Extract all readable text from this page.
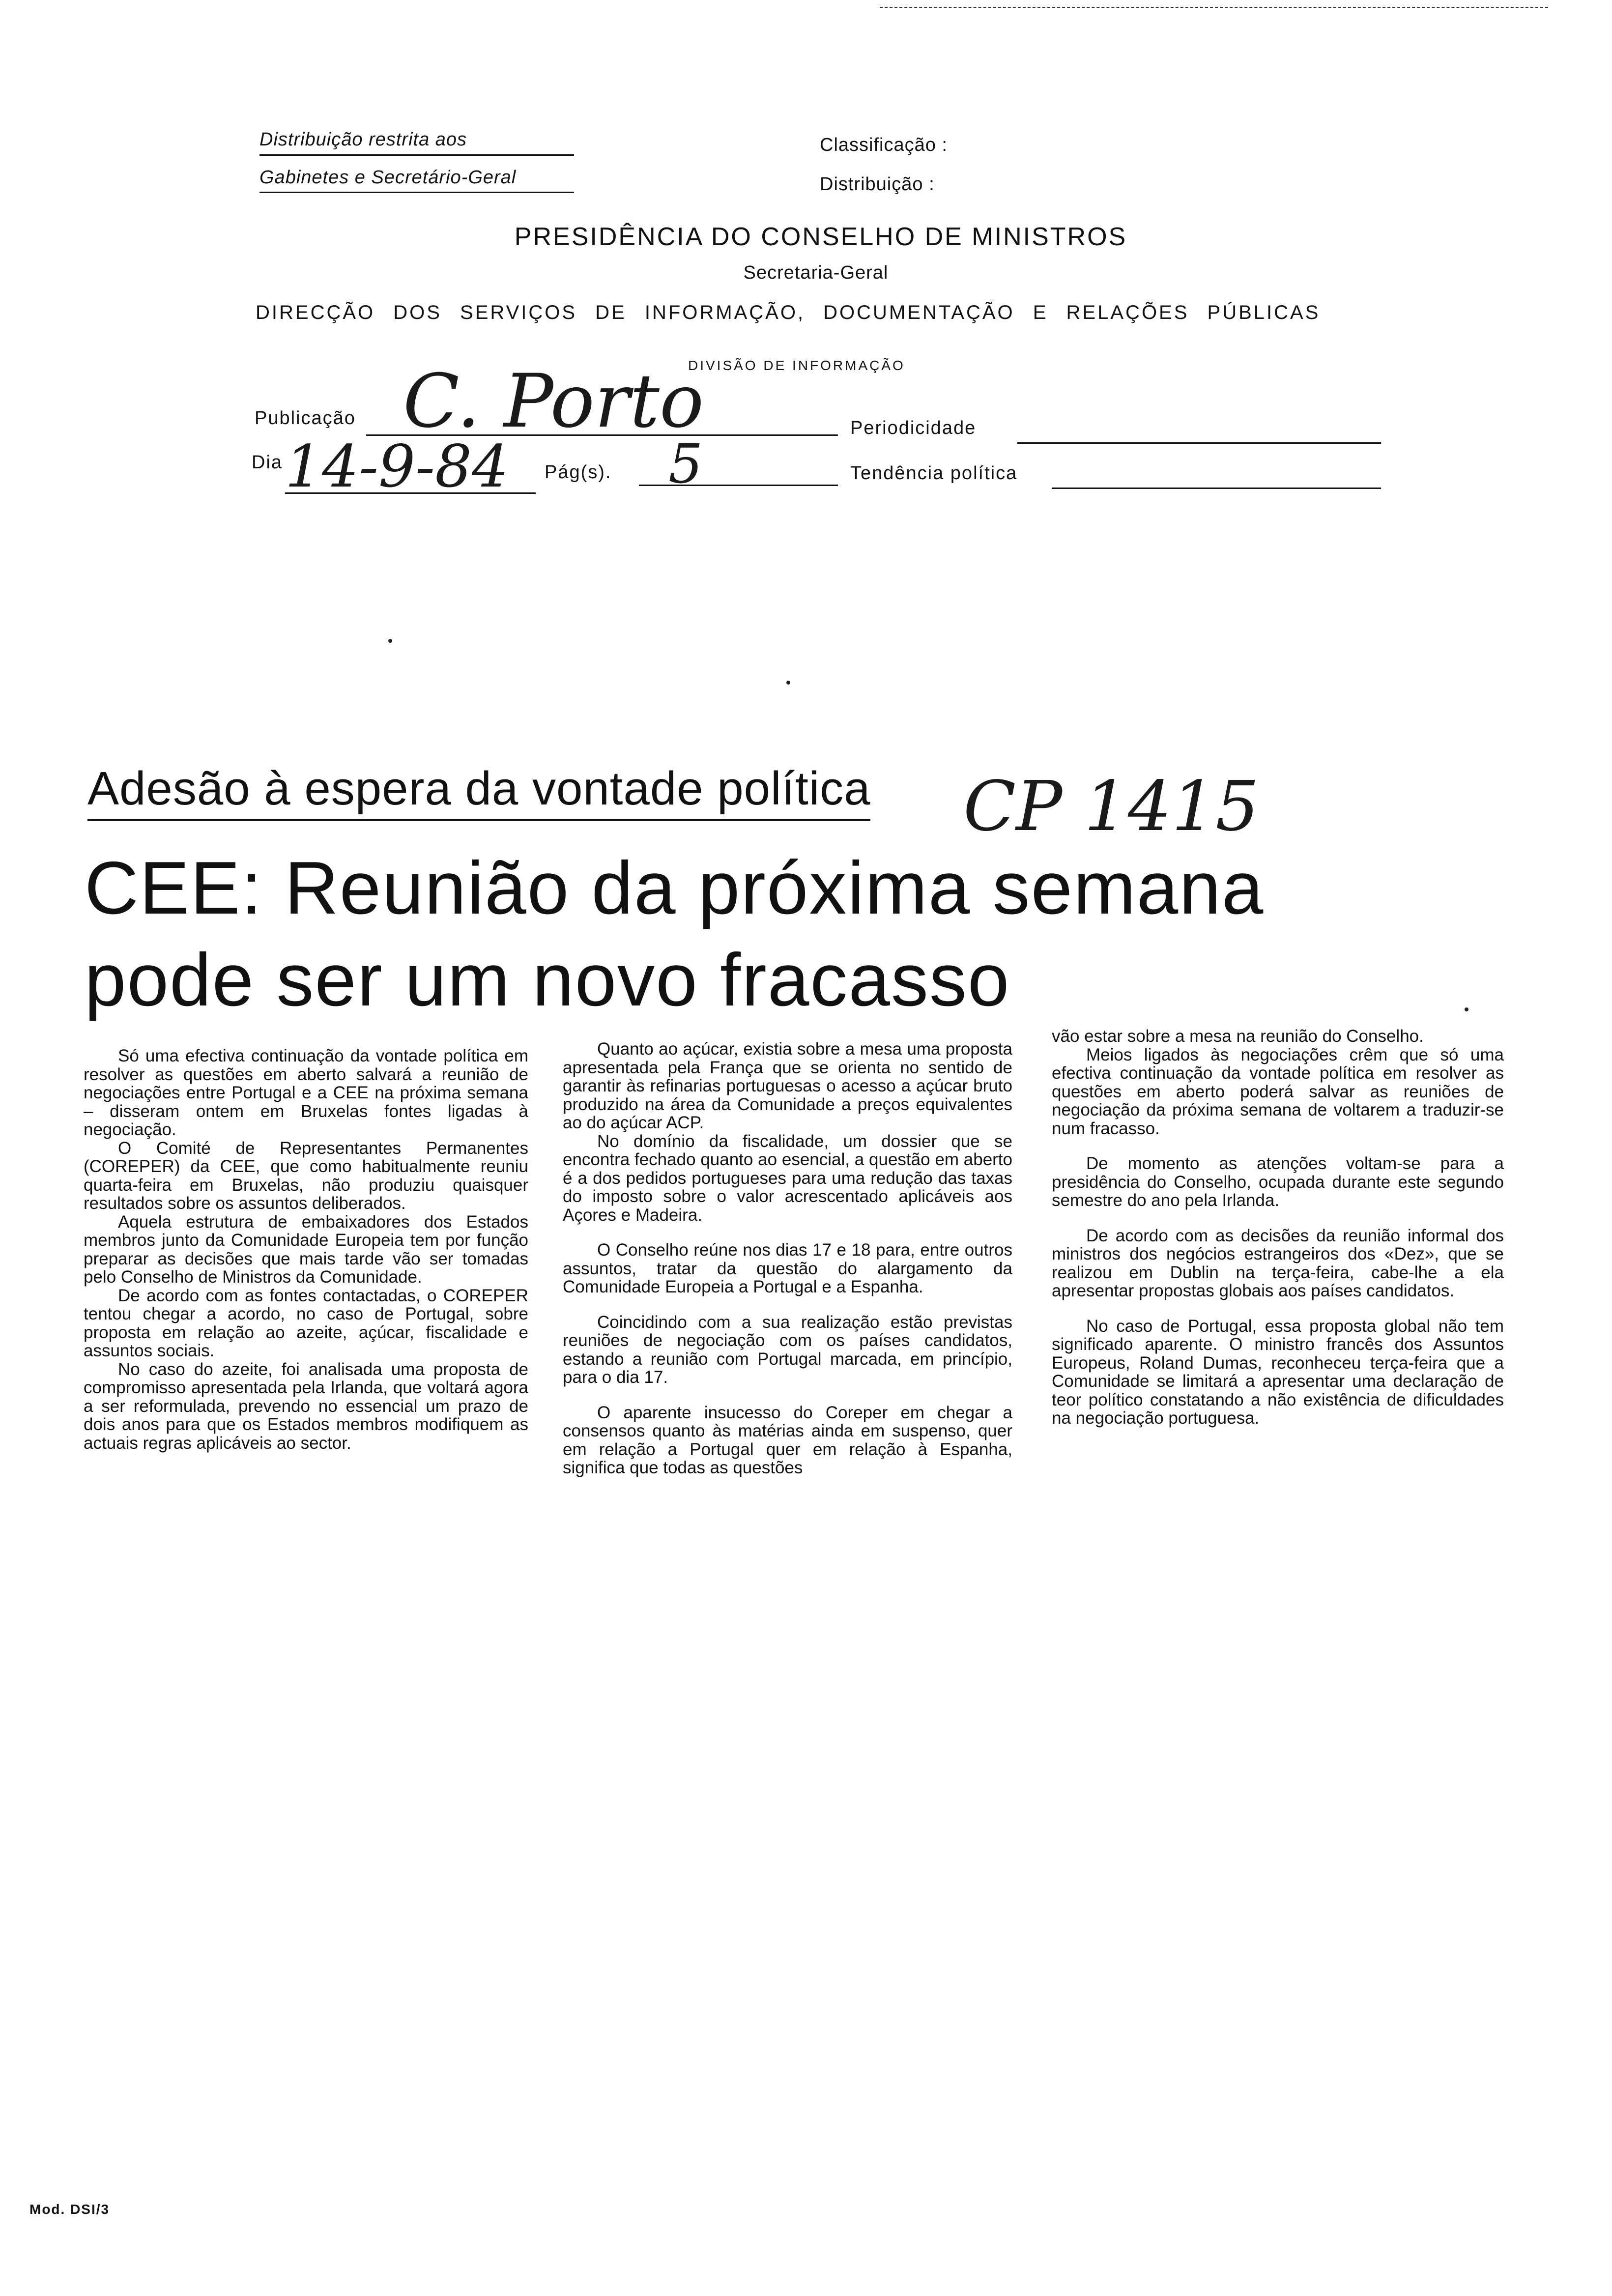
Distribuição restrita aos
Gabinetes e Secretário-Geral
Classificação :
Distribuição :
PRESIDÊNCIA DO CONSELHO DE MINISTROS
Secretaria-Geral
DIRECÇÃO DOS SERVIÇOS DE INFORMAÇÃO, DOCUMENTAÇÃO E RELAÇÕES PÚBLICAS
DIVISÃO DE INFORMAÇÃO
Publicação C. Porto	Periodicidade
Dia 14-9-84 Pág(s). 5	Tendência política
Adesão à espera da vontade política CP 1415
CEE: Reunião da próxima semana
pode ser um novo fracasso

Só uma efectiva continuação da vontade política em resolver as questões em aberto salvará a reunião de negociações entre Portugal e a CEE na próxima semana – disseram ontem em Bruxelas fontes ligadas à negociação.

O Comité de Representantes Permanentes (COREPER) da CEE, que como habitualmente reuniu quarta-feira em Bruxelas, não produziu quaisquer resultados sobre os assuntos deliberados.

Aquela estrutura de embaixadores dos Estados membros junto da Comunidade Europeia tem por função preparar as decisões que mais tarde vão ser tomadas pelo Conselho de Ministros da Comunidade.

De acordo com as fontes contactadas, o COREPER tentou chegar a acordo, no caso de Portugal, sobre proposta em relação ao azeite, açúcar, fiscalidade e assuntos sociais.

No caso do azeite, foi analisada uma proposta de compromisso apresentada pela Irlanda, que voltará agora a ser reformulada, prevendo no essencial um prazo de dois anos para que os Estados membros modifiquem as actuais regras aplicáveis ao sector.

Quanto ao açúcar, existia sobre a mesa uma proposta apresentada pela França que se orienta no sentido de garantir às refinarias portuguesas o acesso a açúcar bruto produzido na área da Comunidade a preços equivalentes ao do açúcar ACP.

No domínio da fiscalidade, um dossier que se encontra fechado quanto ao esencial, a questão em aberto é a dos pedidos portugueses para uma redução das taxas do imposto sobre o valor acrescentado aplicáveis aos Açores e Madeira.

O Conselho reúne nos dias 17 e 18 para, entre outros assuntos, tratar da questão do alargamento da Comunidade Europeia a Portugal e a Espanha.

Coincidindo com a sua realização estão previstas reuniões de negociação com os países candidatos, estando a reunião com Portugal marcada, em princípio, para o dia 17.

O aparente insucesso do Coreper em chegar a consensos quanto às matérias ainda em suspenso, quer em relação a Portugal quer em relação à Espanha, significa que todas as questões

vão estar sobre a mesa na reunião do Conselho.

Meios ligados às negociações crêm que só uma efectiva continuação da vontade política em resolver as questões em aberto poderá salvar as reuniões de negociação da próxima semana de voltarem a traduzir-se num fracasso.

De momento as atenções voltam-se para a presidência do Conselho, ocupada durante este segundo semestre do ano pela Irlanda.

De acordo com as decisões da reunião informal dos ministros dos negócios estrangeiros dos «Dez», que se realizou em Dublin na terça-feira, cabe-lhe a ela apresentar propostas globais aos países candidatos.

No caso de Portugal, essa proposta global não tem significado aparente. O ministro francês dos Assuntos Europeus, Roland Dumas, reconheceu terça-feira que a Comunidade se limitará a apresentar uma declaração de teor político constatando a não existência de dificuldades na negociação portuguesa.

Mod. DSI/3
